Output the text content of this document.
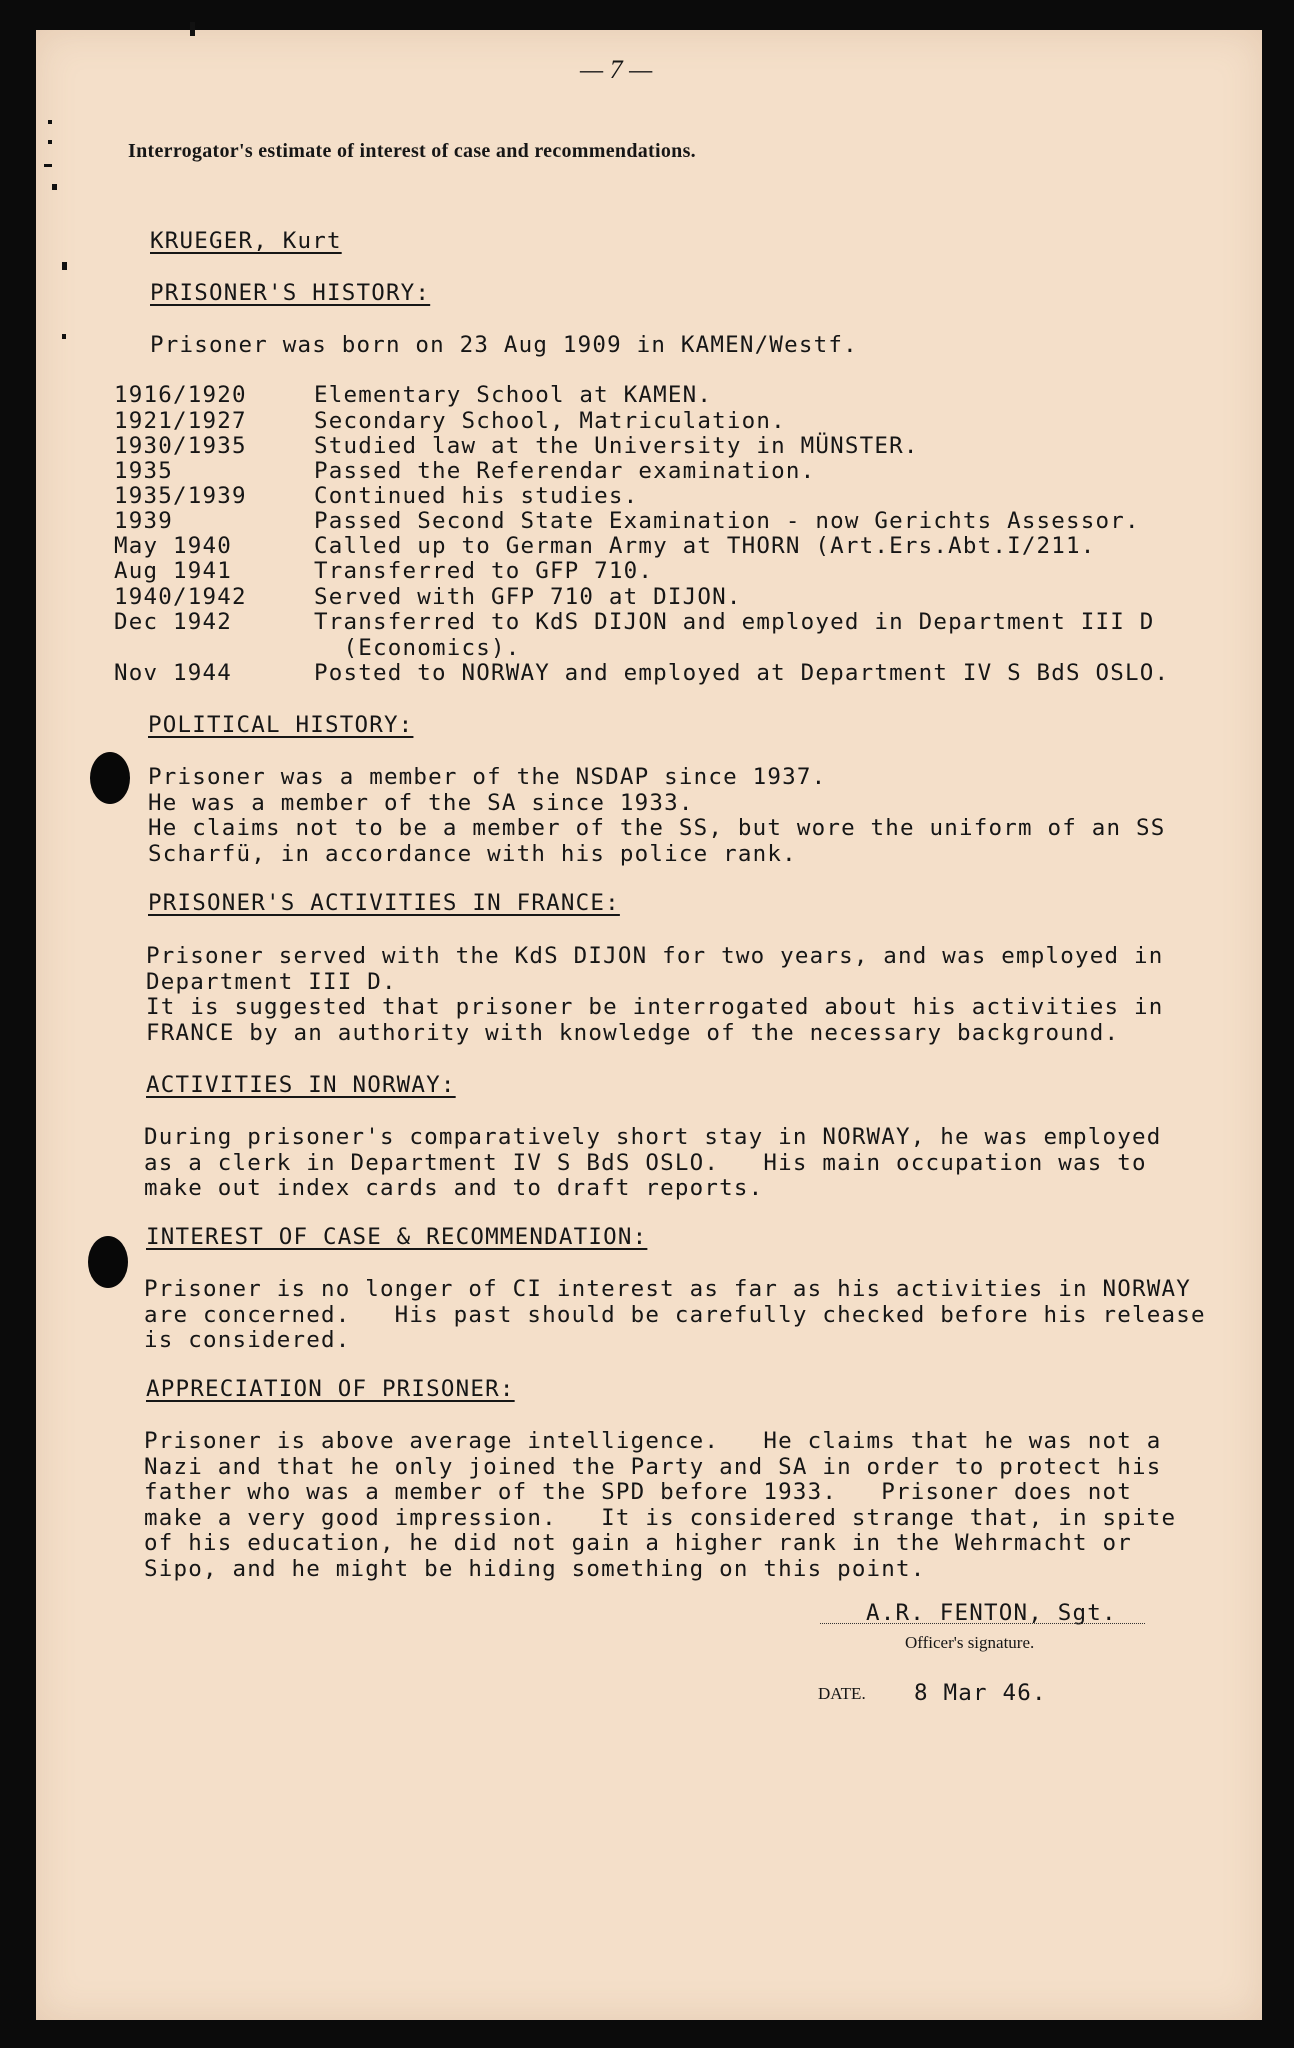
— 7 —
Interrogator's estimate of interest of case and recommendations.
KRUEGER, Kurt
PRISONER'S HISTORY:
Prisoner was born on 23 Aug 1909 in KAMEN/Westf.
1916/1920	Elementary School at KAMEN.
1921/1927	Secondary School, Matriculation.
1930/1935	Studied law at the University in MÜNSTER.
1935	Passed the Referendar examination.
1935/1939	Continued his studies.
1939	Passed Second State Examination - now Gerichts Assessor.
May 1940	Called up to German Army at THORN (Art.Ers.Abt.I/211.
Aug 1941	Transferred to GFP 710.
1940/1942	Served with GFP 710 at DIJON.
Dec 1942	Transferred to KdS DIJON and employed in Department III D
(Economics).
Nov 1944	Posted to NORWAY and employed at Department IV S BdS OSLO.
POLITICAL HISTORY:
Prisoner was a member of the NSDAP since 1937.
He was a member of the SA since 1933.
He claims not to be a member of the SS, but wore the uniform of an SS
Scharfü, in accordance with his police rank.
PRISONER'S ACTIVITIES IN FRANCE:
Prisoner served with the KdS DIJON for two years, and was employed in
Department III D.
It is suggested that prisoner be interrogated about his activities in
FRANCE by an authority with knowledge of the necessary background.
ACTIVITIES IN NORWAY:
During prisoner's comparatively short stay in NORWAY, he was employed
as a clerk in Department IV S BdS OSLO.   His main occupation was to
make out index cards and to draft reports.
INTEREST OF CASE & RECOMMENDATION:
Prisoner is no longer of CI interest as far as his activities in NORWAY
are concerned.   His past should be carefully checked before his release
is considered.
APPRECIATION OF PRISONER:
Prisoner is above average intelligence.   He claims that he was not a
Nazi and that he only joined the Party and SA in order to protect his
father who was a member of the SPD before 1933.   Prisoner does not
make a very good impression.   It is considered strange that, in spite
of his education, he did not gain a higher rank in the Wehrmacht or
Sipo, and he might be hiding something on this point.
A.R. FENTON, Sgt.
Officer's signature.
DATE. 8 Mar 46.
